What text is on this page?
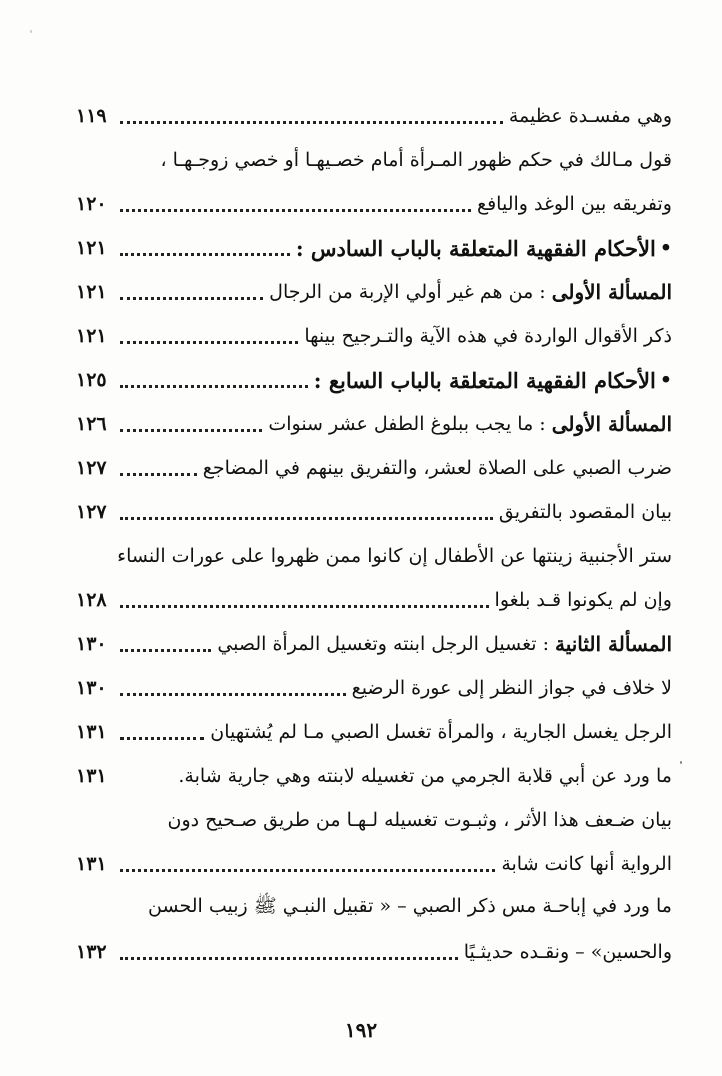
وهي مفسـدة عظيمة
١١٩
قول مـالك في حكم ظهور المـرأة أمام خصـيهـا أو خصي زوجـهـا ،
وتفريقه بين الوغد واليافع
١٢٠
•
الأحكام الفقهية المتعلقة بالباب السادس :
١٢١
المسألة الأولى
: من هم غير أولي الإربة من الرجال
١٢١
ذكر الأقوال الواردة في هذه الآية والتـرجيح بينها
١٢١
•
الأحكام الفقهية المتعلقة بالباب السابع :
١٢٥
المسألة الأولى
: ما يجب ببلوغ الطفل عشر سنوات
١٢٦
ضرب الصبي على الصلاة لعشر، والتفريق بينهم في المضاجع
١٢٧
بيان المقصود بالتفريق
١٢٧
ستر الأجنبية زينتها عن الأطفال إن كانوا ممن ظهروا على عورات النساء
وإن لم يكونوا قـد بلغوا
١٢٨
المسألة الثانية
: تغسيل الرجل ابنته وتغسيل المرأة الصبي
١٣٠
لا خلاف في جواز النظر إلى عورة الرضيع
١٣٠
الرجل يغسل الجارية ، والمرأة تغسل الصبي مـا لم يُشتهيان
١٣١
ما ورد عن أبي قلابة الجرمي من تغسيله لابنته وهي جارية شابة.
١٣١
بيان ضـعف هذا الأثر ، وثبـوت تغسيله لـهـا من طريق صـحيح دون
الرواية أنها كانت شابة
١٣١
ما ورد في إباحـة مس ذكر الصبي – « تقبيل النبـي ﷺ زبيب الحسن
والحسين» – ونقـده حديثـيًا
١٣٢
١٩٢
